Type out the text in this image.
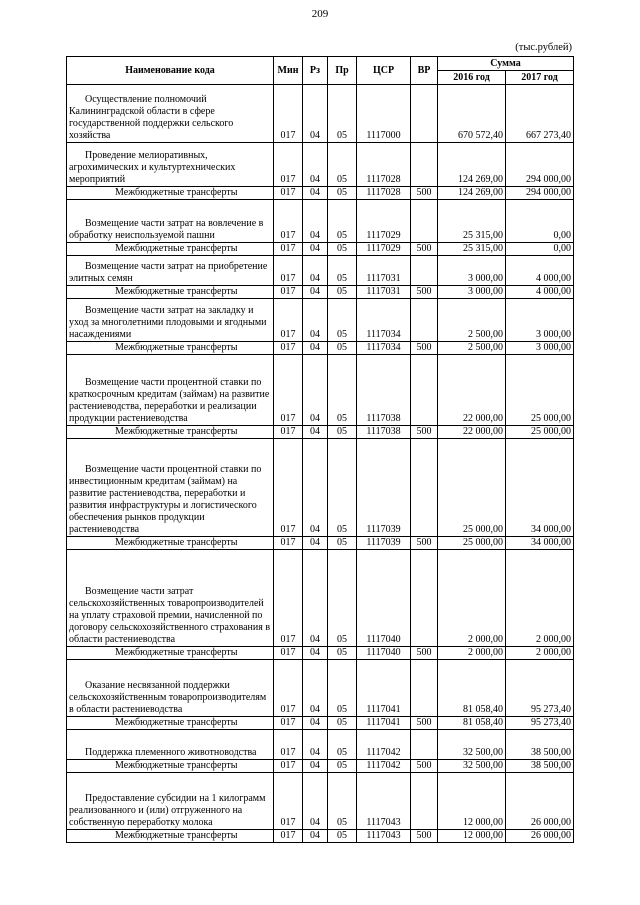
209
(тыс.рублей)
Наименование кода	Мин	Рз	Пр	ЦСР	ВР	Сумма	
						2016 год	2017 год
Осуществление полномочий Калининградской области в сфере государственной поддержки сельского хозяйства	017	04	05	1117000		670 572,40	667 273,40
Проведение мелиоративных, агрохимических и культуртехнических мероприятий	017	04	05	1117028		124 269,00	294 000,00
Межбюджетные трансферты	017	04	05	1117028	500	124 269,00	294 000,00
Возмещение части затрат на вовлечение в обработку неиспользуемой пашни	017	04	05	1117029		25 315,00	0,00
Межбюджетные трансферты	017	04	05	1117029	500	25 315,00	0,00
Возмещение части затрат на приобретение элитных семян	017	04	05	1117031		3 000,00	4 000,00
Межбюджетные трансферты	017	04	05	1117031	500	3 000,00	4 000,00
Возмещение части затрат на закладку и уход за многолетними плодовыми и ягодными насаждениями	017	04	05	1117034		2 500,00	3 000,00
Межбюджетные трансферты	017	04	05	1117034	500	2 500,00	3 000,00
Возмещение части процентной ставки по краткосрочным кредитам (займам) на развитие растениеводства, переработки и реализации продукции растениеводства	017	04	05	1117038		22 000,00	25 000,00
Межбюджетные трансферты	017	04	05	1117038	500	22 000,00	25 000,00
Возмещение части процентной ставки по инвестиционным кредитам (займам) на развитие растениеводства, переработки и развития инфраструктуры и логистического обеспечения рынков продукции растениеводства	017	04	05	1117039		25 000,00	34 000,00
Межбюджетные трансферты	017	04	05	1117039	500	25 000,00	34 000,00
Возмещение части затрат сельскохозяйственных товаропроизводителей на уплату страховой премии, начисленной по договору сельскохозяйственного страхования в области растениеводства	017	04	05	1117040		2 000,00	2 000,00
Межбюджетные трансферты	017	04	05	1117040	500	2 000,00	2 000,00
Оказание несвязанной поддержки сельскохозяйственным товаропроизводителям в области растениеводства	017	04	05	1117041		81 058,40	95 273,40
Межбюджетные трансферты	017	04	05	1117041	500	81 058,40	95 273,40
Поддержка племенного животноводства	017	04	05	1117042		32 500,00	38 500,00
Межбюджетные трансферты	017	04	05	1117042	500	32 500,00	38 500,00
Предоставление субсидии на 1 килограмм реализованного и (или) отгруженного на собственную переработку молока	017	04	05	1117043		12 000,00	26 000,00
Межбюджетные трансферты	017	04	05	1117043	500	12 000,00	26 000,00
